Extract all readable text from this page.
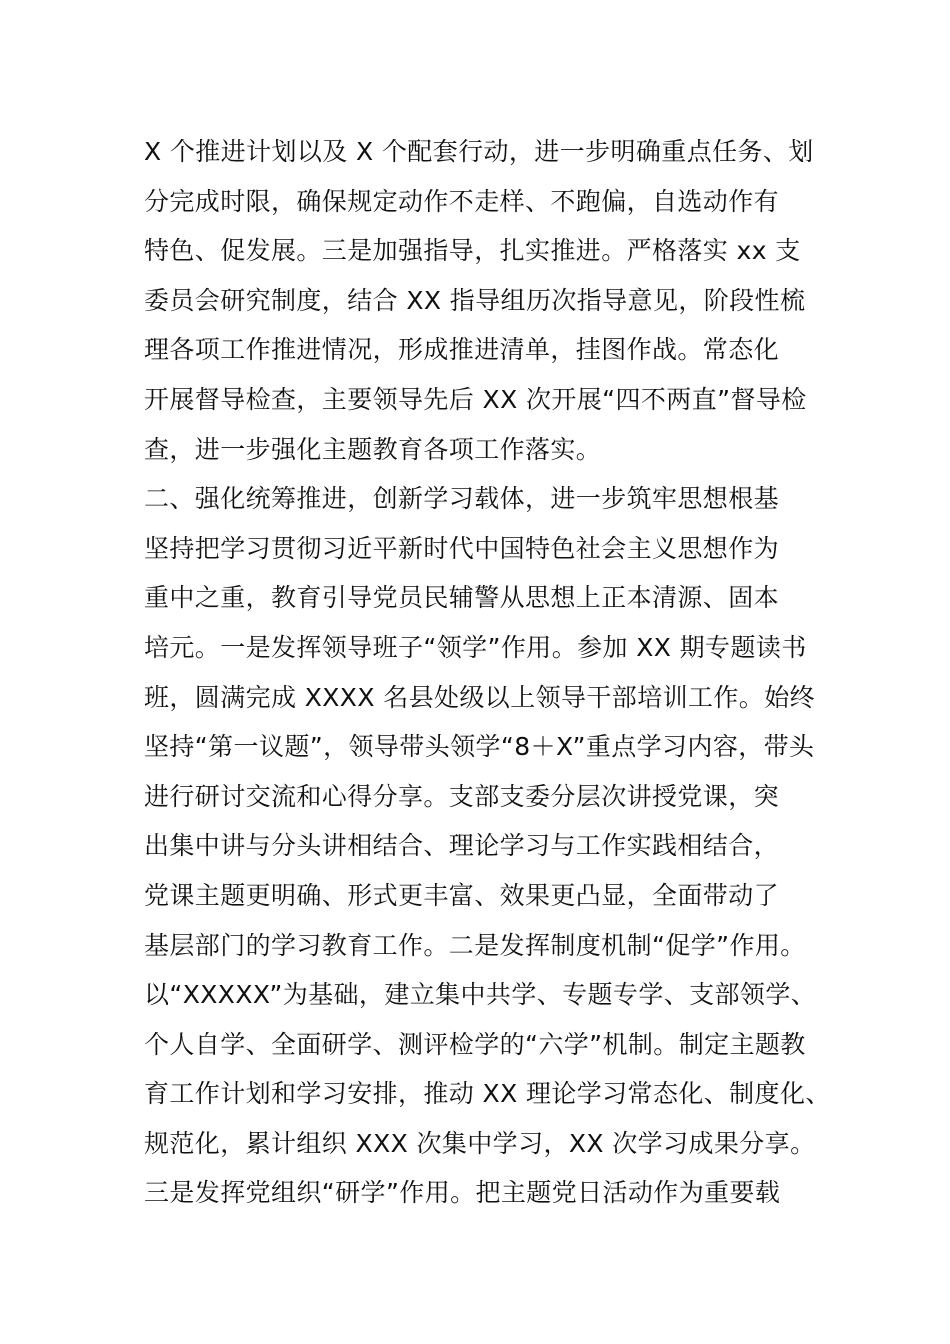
X 个推进计划以及 X 个配套行动，进一步明确重点任务、划
分完成时限，确保规定动作不走样、不跑偏，自选动作有
特色、促发展。三是加强指导，扎实推进。严格落实 xx 支
委员会研究制度，结合 XX 指导组历次指导意见，阶段性梳
理各项工作推进情况，形成推进清单，挂图作战。常态化
开展督导检查，主要领导先后 XX 次开展“四不两直”督导检
查，进一步强化主题教育各项工作落实。
二、强化统筹推进，创新学习载体，进一步筑牢思想根基
坚持把学习贯彻习近平新时代中国特色社会主义思想作为
重中之重，教育引导党员民辅警从思想上正本清源、固本
培元。一是发挥领导班子“领学”作用。参加 XX 期专题读书
班，圆满完成 XXXX 名县处级以上领导干部培训工作。始终
坚持“第一议题”，领导带头领学“8＋X”重点学习内容，带头
进行研讨交流和心得分享。支部支委分层次讲授党课，突
出集中讲与分头讲相结合、理论学习与工作实践相结合，
党课主题更明确、形式更丰富、效果更凸显，全面带动了
基层部门的学习教育工作。二是发挥制度机制“促学”作用。
以“XXXXX”为基础，建立集中共学、专题专学、支部领学、
个人自学、全面研学、测评检学的“六学”机制。制定主题教
育工作计划和学习安排，推动 XX 理论学习常态化、制度化、
规范化，累计组织 XXX 次集中学习，XX 次学习成果分享。
三是发挥党组织“研学”作用。把主题党日活动作为重要载
